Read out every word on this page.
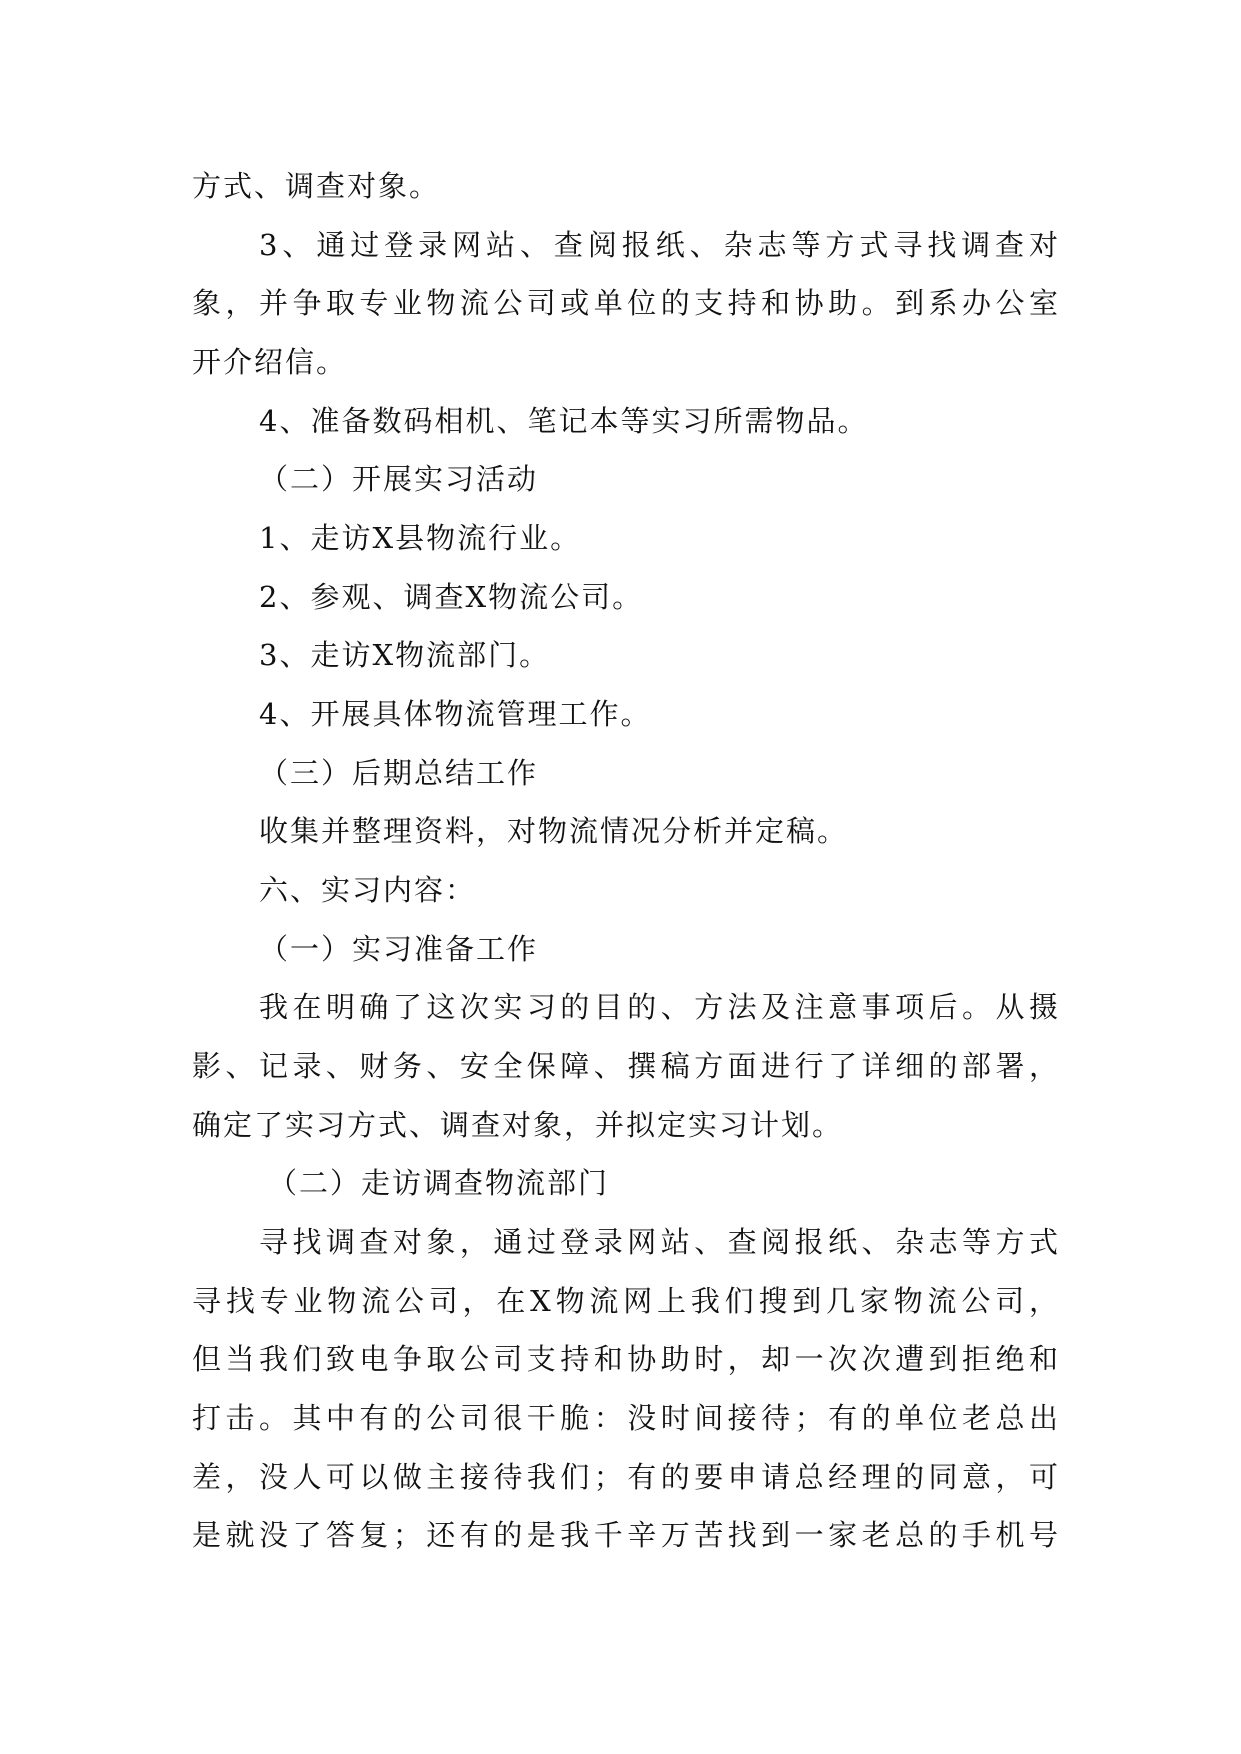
方式、调查对象。
3、通过登录网站、查阅报纸、杂志等方式寻找调查对
象，并争取专业物流公司或单位的支持和协助。到系办公室
开介绍信。
4、准备数码相机、笔记本等实习所需物品。
（二）开展实习活动
1、走访X县物流行业。
2、参观、调查X物流公司。
3、走访X物流部门。
4、开展具体物流管理工作。
（三）后期总结工作
收集并整理资料，对物流情况分析并定稿。
六、实习内容：
（一）实习准备工作
我在明确了这次实习的目的、方法及注意事项后。从摄
影、记录、财务、安全保障、撰稿方面进行了详细的部署，
确定了实习方式、调查对象，并拟定实习计划。
（二）走访调查物流部门
寻找调查对象，通过登录网站、查阅报纸、杂志等方式
寻找专业物流公司，在X物流网上我们搜到几家物流公司，
但当我们致电争取公司支持和协助时，却一次次遭到拒绝和
打击。其中有的公司很干脆：没时间接待；有的单位老总出
差，没人可以做主接待我们；有的要申请总经理的同意，可
是就没了答复；还有的是我千辛万苦找到一家老总的手机号
